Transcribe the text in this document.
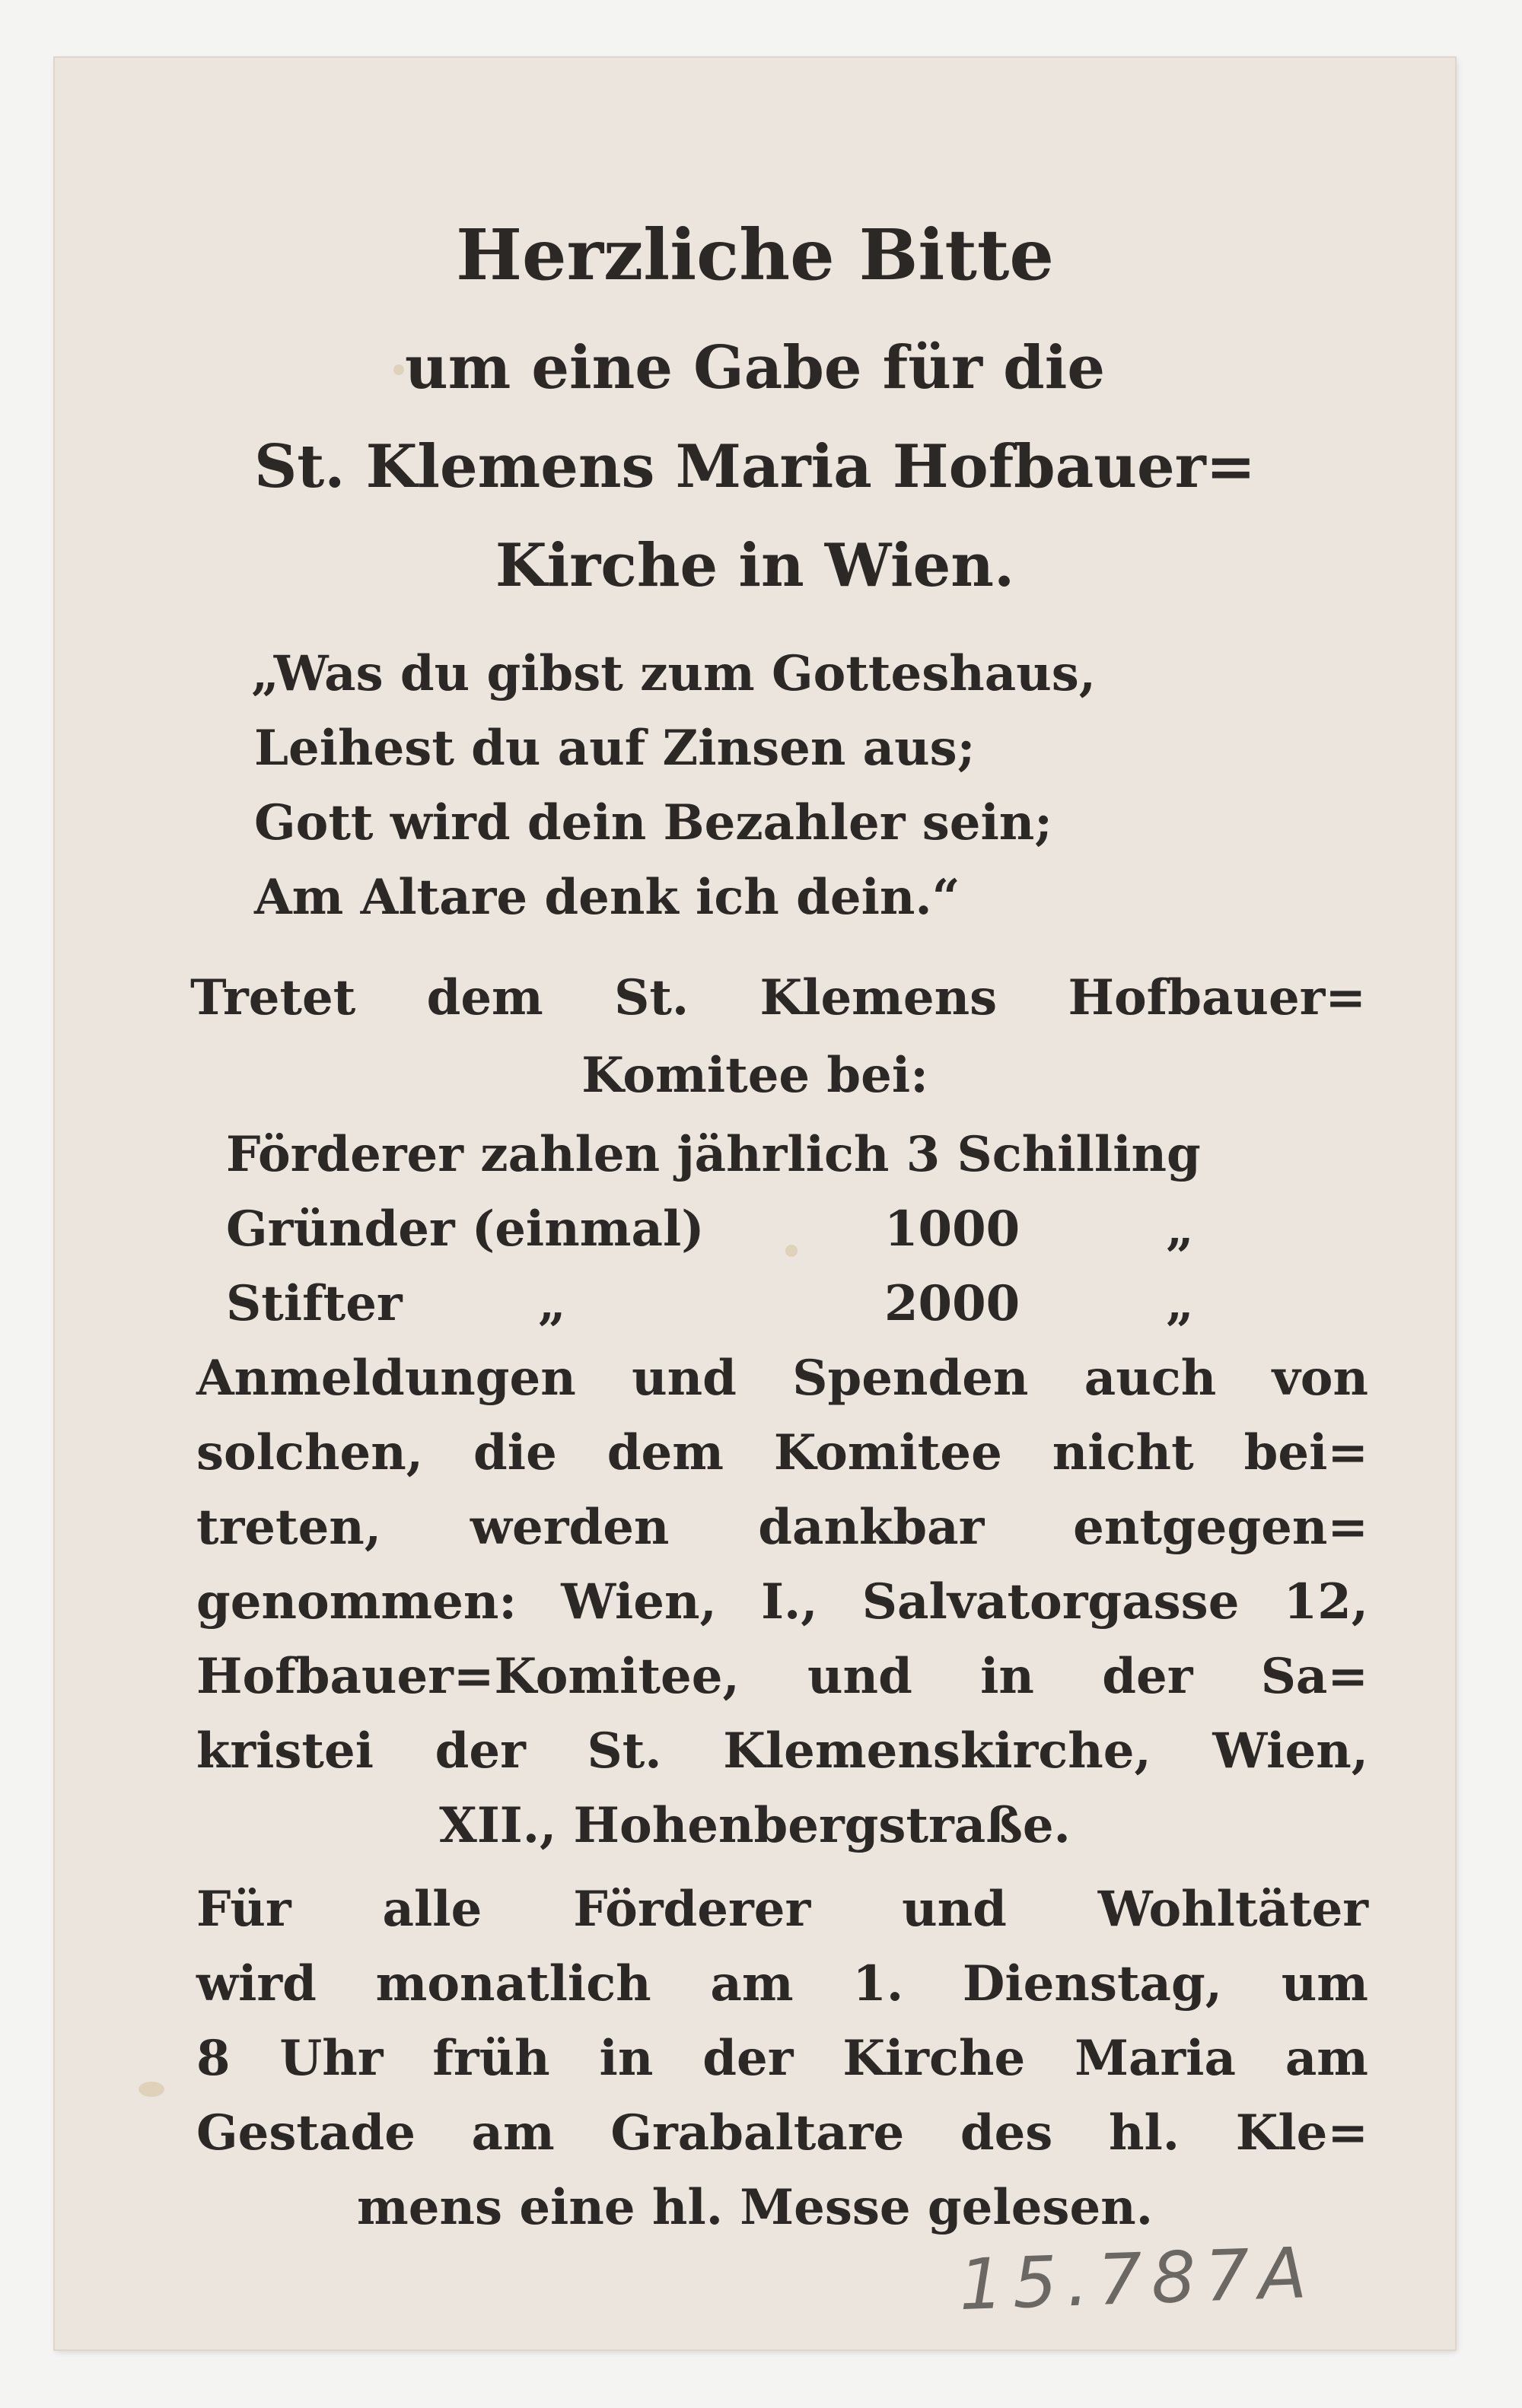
Herzliche Bitte
um eine Gabe für die
St. Klemens Maria Hofbauer=
Kirche in Wien.
„Was du gibst zum Gotteshaus,
Leihest du auf Zinsen aus;
Gott wird dein Bezahler sein;
Am Altare denk ich dein.“
Tretet dem St. Klemens Hofbauer=
Komitee bei:
Förderer zahlen jährlich 3 Schilling
Gründer (einmal)	1000	„
Stifter        „	2000	„
Anmeldungen und Spenden auch von
solchen, die dem Komitee nicht bei=
treten, werden dankbar entgegen=
genommen: Wien, I., Salvatorgasse 12,
Hofbauer=Komitee, und in der Sa=
kristei der St. Klemenskirche, Wien,
XII., Hohenbergstraße.
Für alle Förderer und Wohltäter
wird monatlich am 1. Dienstag, um
8 Uhr früh in der Kirche Maria am
Gestade am Grabaltare des hl. Kle=
mens eine hl. Messe gelesen.
15.787A
